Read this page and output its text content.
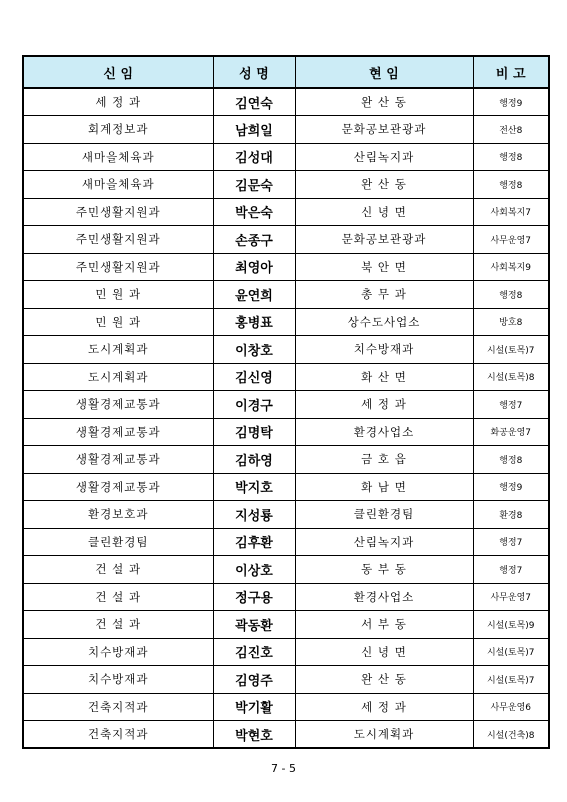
신 임	성 명	현 임	비 고
세 정 과	김연숙	완 산 동	행정9
회계정보과	남희일	문화공보관광과	전산8
새마을체육과	김성대	산림녹지과	행정8
새마을체육과	김문숙	완 산 동	행정8
주민생활지원과	박은숙	신 녕 면	사회복지7
주민생활지원과	손종구	문화공보관광과	사무운영7
주민생활지원과	최영아	북 안 면	사회복지9
민 원 과	윤연희	총 무 과	행정8
민 원 과	홍병표	상수도사업소	방호8
도시계획과	이창호	치수방재과	시설(토목)7
도시계획과	김신영	화 산 면	시설(토목)8
생활경제교통과	이경구	세 정 과	행정7
생활경제교통과	김명탁	환경사업소	화공운영7
생활경제교통과	김하영	금 호 읍	행정8
생활경제교통과	박지호	화 남 면	행정9
환경보호과	지성룡	클린환경팀	환경8
클린환경팀	김후환	산림녹지과	행정7
건 설 과	이상호	동 부 동	행정7
건 설 과	정구용	환경사업소	사무운영7
건 설 과	곽동환	서 부 동	시설(토목)9
치수방재과	김진호	신 녕 면	시설(토목)7
치수방재과	김영주	완 산 동	시설(토목)7
건축지적과	박기활	세 정 과	사무운영6
건축지적과	박현호	도시계획과	시설(건축)8
7 - 5
